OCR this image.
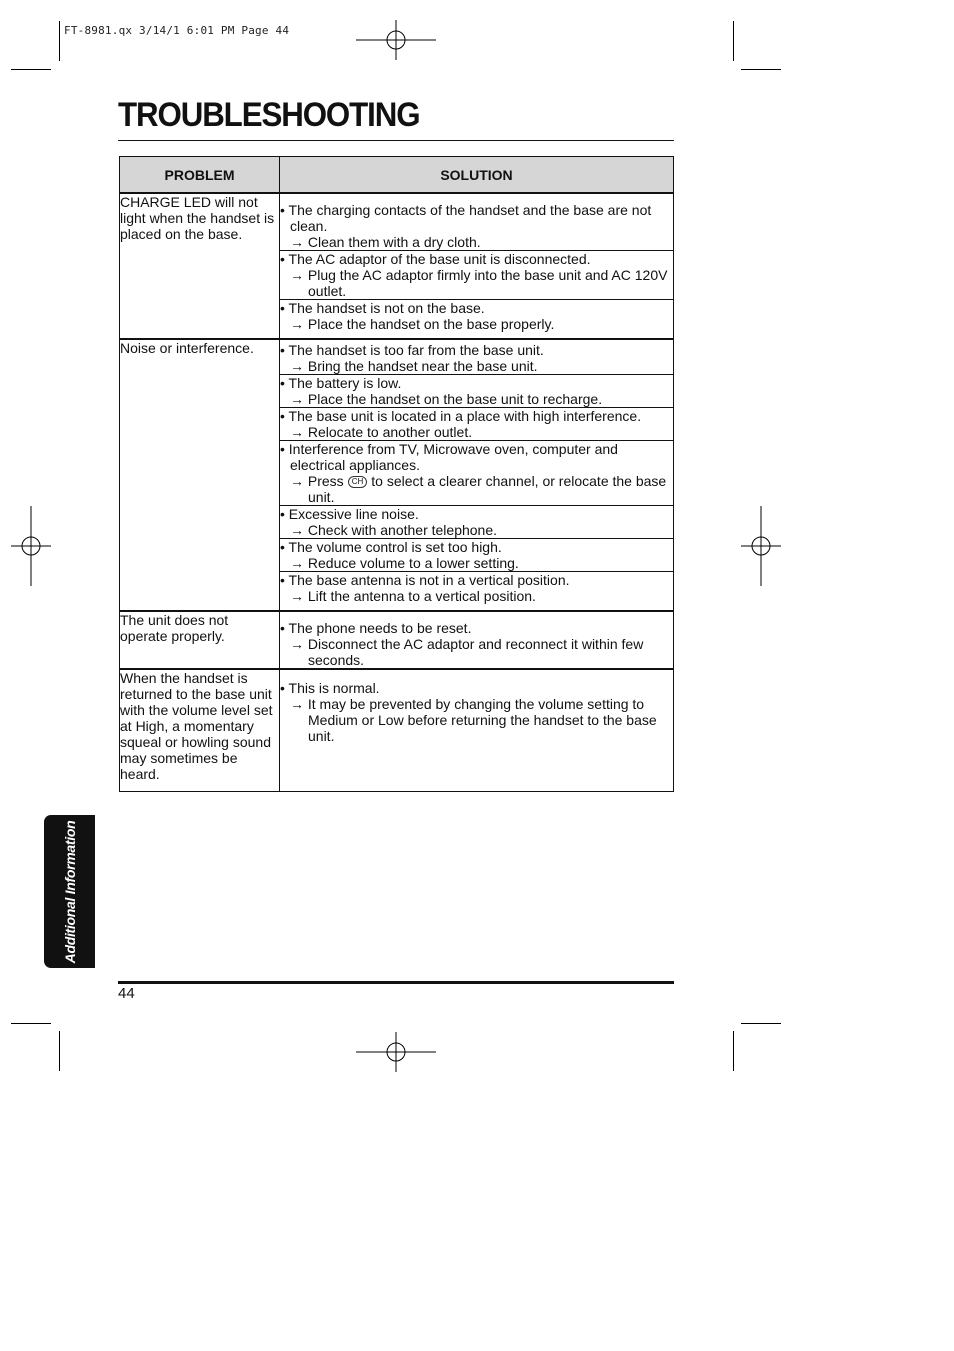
FT-8981.qx 3/14/1 6:01 PM Page 44
TROUBLESHOOTING
PROBLEM	SOLUTION
CHARGE LED will not light when the handset is placed on the base.	• The charging contacts of the handset and the base are not clean.
→ Clean them with a dry cloth.

	• The AC adaptor of the base unit is disconnected.
→ Plug the AC adaptor firmly into the base unit and AC 120V outlet.

	• The handset is not on the base.
→ Place the handset on the base properly.

Noise or interference.	• The handset is too far from the base unit.
→ Bring the handset near the base unit.

	• The battery is low.
→ Place the handset on the base unit to recharge.

	• The base unit is located in a place with high interference.
→ Relocate to another outlet.

	• Interference from TV, Microwave oven, computer and electrical appliances.
→ Press CH to select a clearer channel, or relocate the base unit.

	• Excessive line noise.
→ Check with another telephone.

	• The volume control is set too high.
→ Reduce volume to a lower setting.

	• The base antenna is not in a vertical position.
→ Lift the antenna to a vertical position.

The unit does not operate properly.	• The phone needs to be reset.
→ Disconnect the AC adaptor and reconnect it within few seconds.

When the handset is returned to the base unit with the volume level set at High, a momentary squeal or howling sound may sometimes be heard.	• This is normal.
→ It may be prevented by changing the volume setting to Medium or Low before returning the handset to the base unit.
Additional Information
44
